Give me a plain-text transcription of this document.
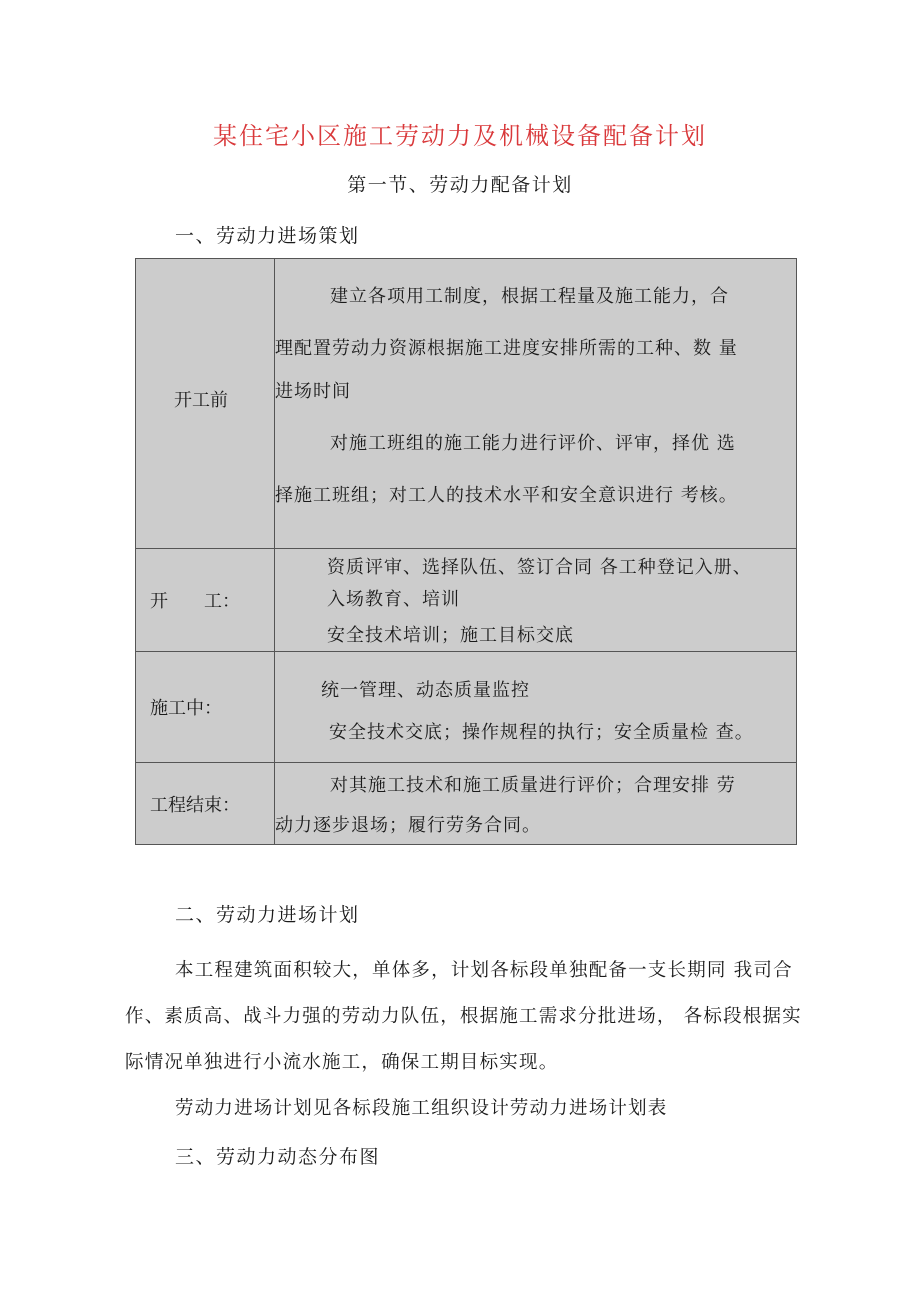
某住宅小区施工劳动力及机械设备配备计划
第一节、劳动力配备计划
一、劳动力进场策划
开工前	建立各项用工制度，根据工程量及施工能力，合
理配置劳动力资源根据施工进度安排所需的工种、数 量
进场时间
对施工班组的施工能力进行评价、评审，择优 选
择施工班组；对工人的技术水平和安全意识进行 考核。

开　　工：	资质评审、选择队伍、签订合同 各工种登记入册、
入场教育、培训
安全技术培训；施工目标交底

施工中：	统一管理、动态质量监控
安全技术交底；操作规程的执行；安全质量检 查。

工程结束：	对其施工技术和施工质量进行评价；合理安排 劳
动力逐步退场；履行劳务合同。
二、劳动力进场计划
本工程建筑面积较大，单体多，计划各标段单独配备一支长期同 我司合作、素质高、战斗力强的劳动力队伍，根据施工需求分批进场， 各标段根据实际情况单独进行小流水施工，确保工期目标实现。
劳动力进场计划见各标段施工组织设计劳动力进场计划表
三、劳动力动态分布图
